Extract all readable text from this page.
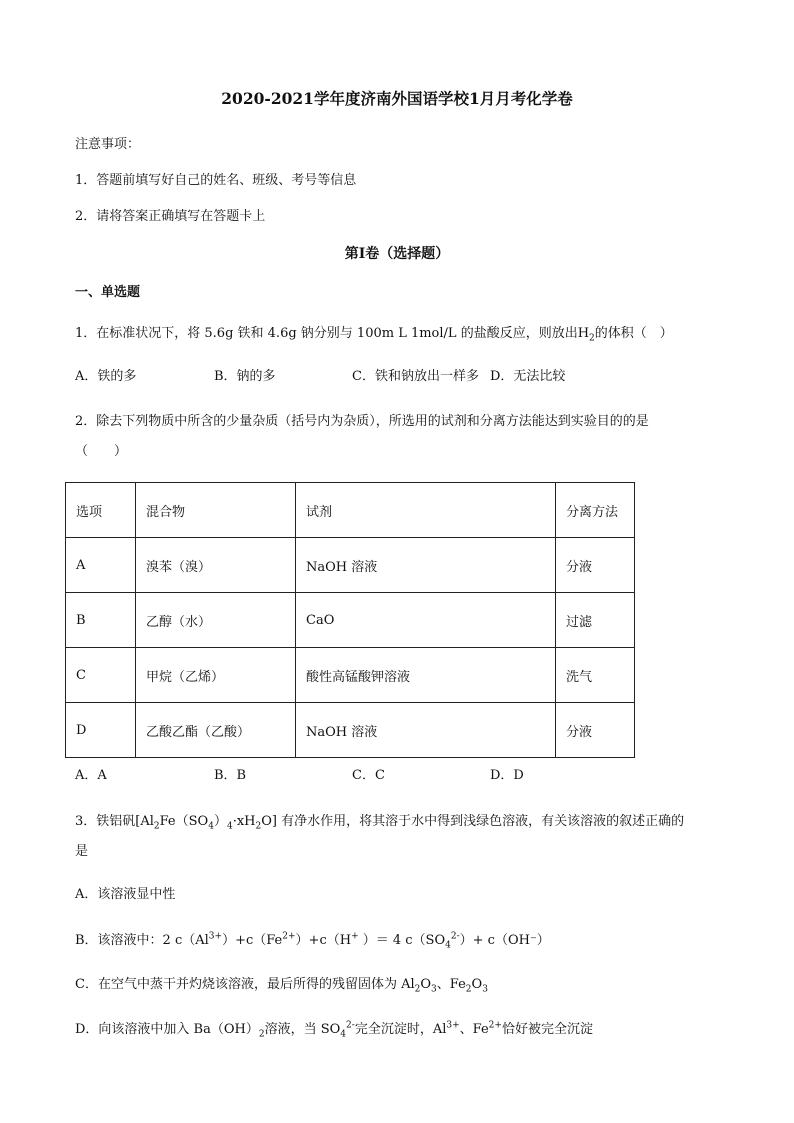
2020-2021学年度济南外国语学校1月月考化学卷
注意事项：
1．答题前填写好自己的姓名、班级、考号等信息
2．请将答案正确填写在答题卡上
第I卷（选择题）
一、单选题
1．在标准状况下，将 5.6g 铁和 4.6g 钠分别与 100m L 1mol/L 的盐酸反应，则放出$H_2$的体积（　）
A．铁的多	B．钠的多	C．铁和钠放出一样多 D．无法比较
2．除去下列物质中所含的少量杂质（括号内为杂质），所选用的试剂和分离方法能达到实验目的的是
（　　）
选项	混合物	试剂	分离方法
A	溴苯（溴）	NaOH 溶液	分液
B	乙醇（水）	CaO	过滤
C	甲烷（乙烯）	酸性高锰酸钾溶液	洗气
D	乙酸乙酯（乙酸）	NaOH 溶液	分液
A．A	B．B	C．C	D．D
3．铁铝矾$[Al_2Fe(SO_4)_4\cdot xH_2O]$ 有净水作用，将其溶于水中得到浅绿色溶液，有关该溶液的叙述正确的
是
A．该溶液显中性
B．该溶液中：2 $c(Al^{3+})+c(Fe^{2+})+c(H^+$ ）＝ 4 $c(SO_4^{2-})+ c(OH^-)$
C．在空气中蒸干并灼烧该溶液，最后所得的残留固体为 $Al_2O_3$、$Fe_2O_3$
D．向该溶液中加入 $Ba(OH)_2$溶液，当 $SO_4^{2-}$完全沉淀时，$Al^{3+}$、$Fe^{2+}$恰好被完全沉淀
